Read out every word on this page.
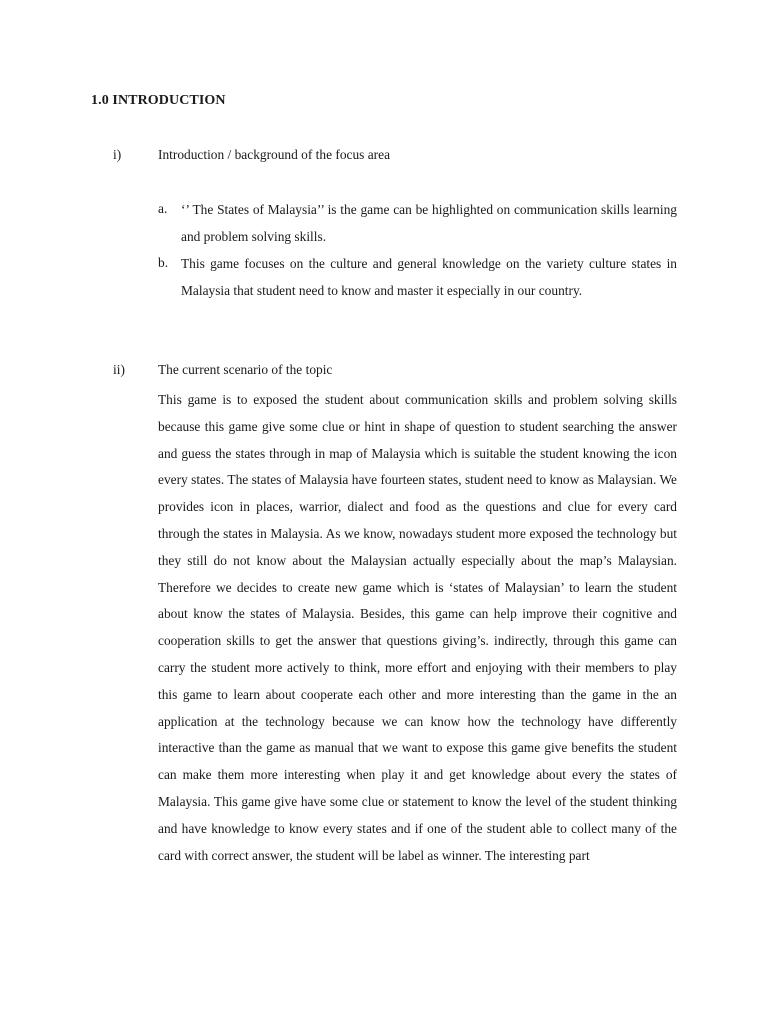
1.0 INTRODUCTION
i)	Introduction / background of the focus area
a. ‘’ The States of Malaysia’’ is the game can be highlighted on communication skills learning and problem solving skills.
b. This game focuses on the culture and general knowledge on the variety culture states in Malaysia that student need to know and master it especially in our country.
ii) The current scenario of the topic

This game is to exposed the student about communication skills and problem solving skills because this game give some clue or hint in shape of question to student searching the answer and guess the states through in map of Malaysia which is suitable the student knowing the icon every states. The states of Malaysia have fourteen states, student need to know as Malaysian. We provides icon in places, warrior, dialect and food as the questions and clue for every card through the states in Malaysia. As we know, nowadays student more exposed the technology but they still do not know about the Malaysian actually especially about the map’s Malaysian. Therefore we decides to create new game which is ‘states of Malaysian’ to learn the student about know the states of Malaysia. Besides, this game can help improve their cognitive and cooperation skills to get the answer that questions giving’s. indirectly, through this game can carry the student more actively to think, more effort and enjoying with their members to play this game to learn about cooperate each other and more interesting than the game in the an application at the technology because we can know how the technology have differently interactive than the game as manual that we want to expose this game give benefits the student can make them more interesting when play it and get knowledge about every the states of Malaysia. This game give have some clue or statement to know the level of the student thinking and have knowledge to know every states and if one of the student able to collect many of the card with correct answer, the student will be label as winner. The interesting part
